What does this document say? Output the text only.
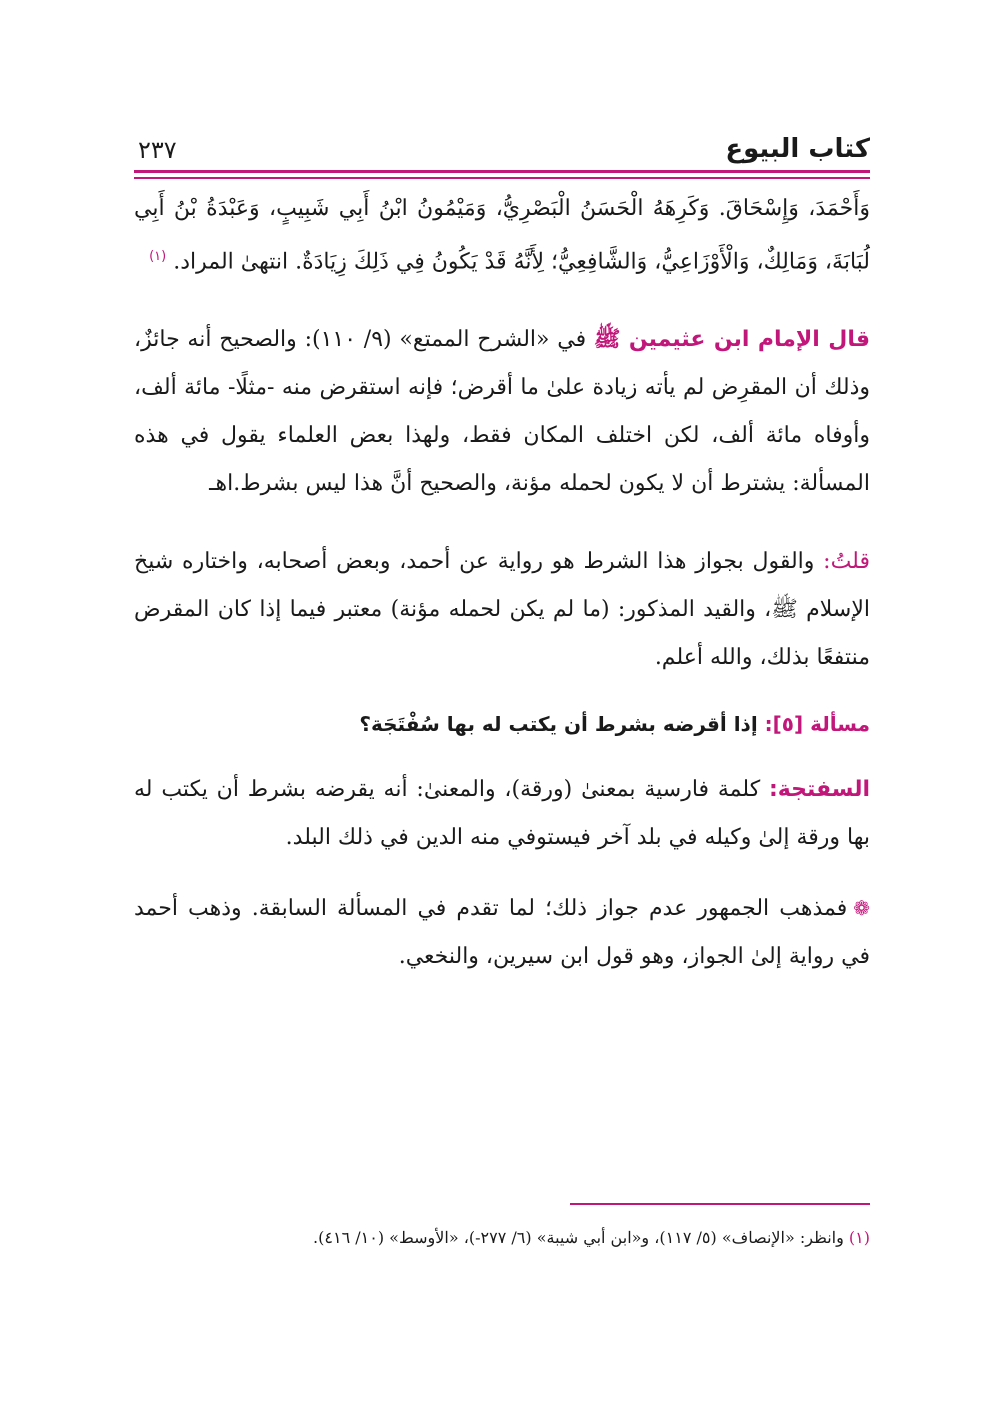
كتاب البيوع
٢٣٧
وَأَحْمَدَ، وَإِسْحَاقَ. وَكَرِهَهُ الْحَسَنُ الْبَصْرِيُّ، وَمَيْمُونُ ابْنُ أَبِي شَبِيبٍ، وَعَبْدَةُ بْنُ أَبِي لُبَابَةَ، وَمَالِكٌ، وَالْأَوْزَاعِيُّ، وَالشَّافِعِيُّ؛ لِأَنَّهُ قَدْ يَكُونُ فِي ذَلِكَ زِيَادَةٌ. انتهىٰ المراد. $^{(١)}$
قال الإمام ابن عثيمين ﷺ في «الشرح الممتع» (٩/ ١١٠): والصحيح أنه جائزٌ، وذلك أن المقرِض لم يأته زيادة علىٰ ما أقرض؛ فإنه استقرض منه -مثلًا- مائة ألف، وأوفاه مائة ألف، لكن اختلف المكان فقط، ولهذا بعض العلماء يقول في هذه المسألة: يشترط أن لا يكون لحمله مؤنة، والصحيح أنَّ هذا ليس بشرط.اهـ
قلتُ: والقول بجواز هذا الشرط هو رواية عن أحمد، وبعض أصحابه، واختاره شيخ الإسلام ﷺ، والقيد المذكور: (ما لم يكن لحمله مؤنة) معتبر فيما إذا كان المقرض منتفعًا بذلك، والله أعلم.
مسألة [٥]: إذا أقرضه بشرط أن يكتب له بها سُفْتَجَة؟
السفتجة: كلمة فارسية بمعنىٰ (ورقة)، والمعنىٰ: أنه يقرضه بشرط أن يكتب له بها ورقة إلىٰ وكيله في بلد آخر فيستوفي منه الدين في ذلك البلد.
❁فمذهب الجمهور عدم جواز ذلك؛ لما تقدم في المسألة السابقة. وذهب أحمد في رواية إلىٰ الجواز، وهو قول ابن سيرين، والنخعي.
(١) وانظر: «الإنصاف» (٥/ ١١٧)، و«ابن أبي شيبة» (٦/ ٢٧٧-)، «الأوسط» (١٠/ ٤١٦).
